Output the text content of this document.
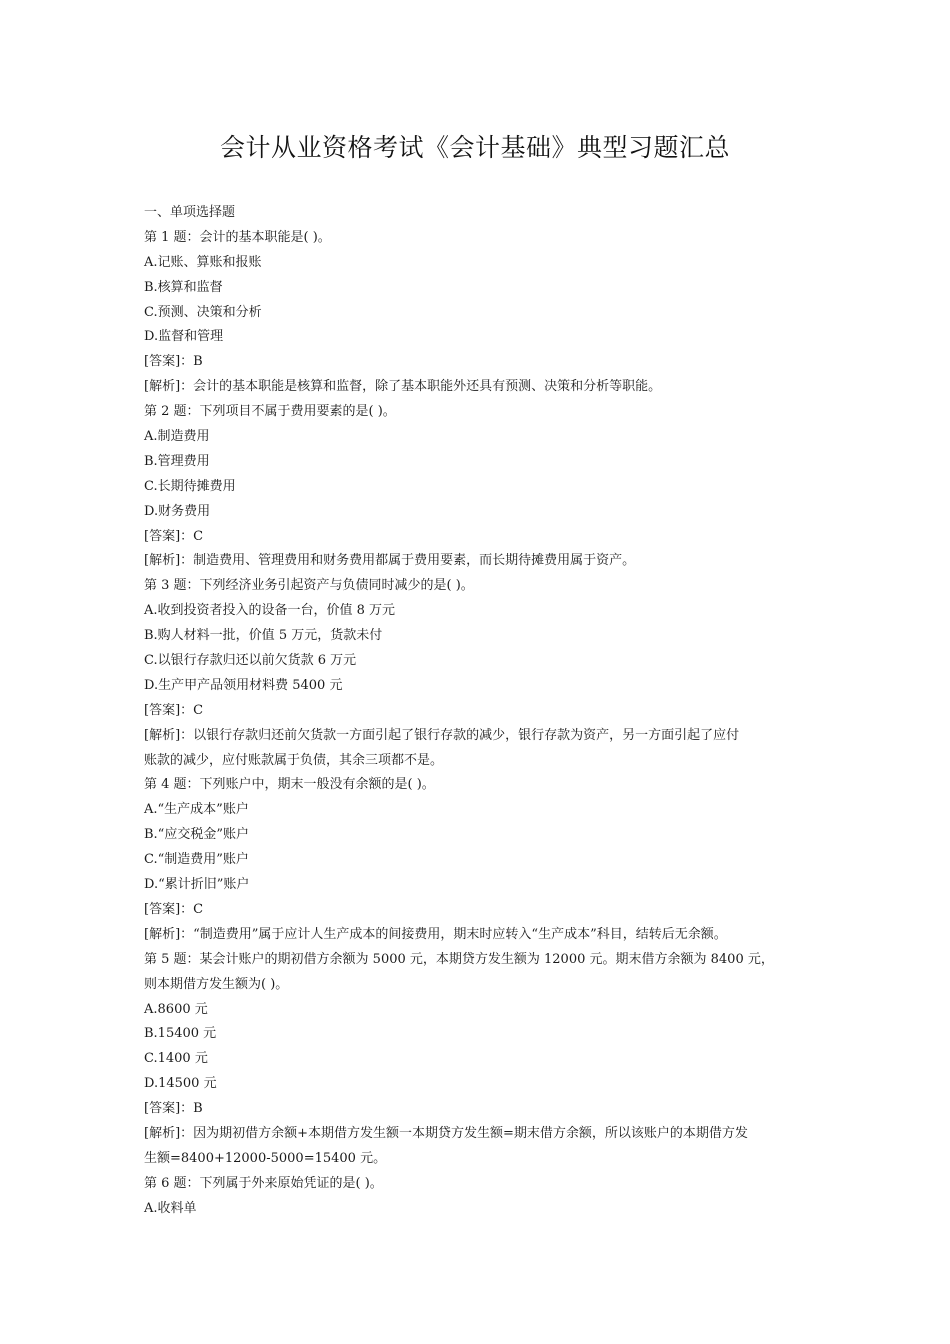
会计从业资格考试《会计基础》典型习题汇总
一、单项选择题
第 1 题：会计的基本职能是( )。
A.记账、算账和报账
B.核算和监督
C.预测、决策和分析
D.监督和管理
[答案]：B
[解析]：会计的基本职能是核算和监督，除了基本职能外还具有预测、决策和分析等职能。
第 2 题：下列项目不属于费用要素的是( )。
A.制造费用
B.管理费用
C.长期待摊费用
D.财务费用
[答案]：C
[解析]：制造费用、管理费用和财务费用都属于费用要素，而长期待摊费用属于资产。
第 3 题：下列经济业务引起资产与负债同时减少的是( )。
A.收到投资者投入的设备一台，价值 8 万元
B.购人材料一批，价值 5 万元，货款未付
C.以银行存款归还以前欠货款 6 万元
D.生产甲产品领用材料费 5400 元
[答案]：C
[解析]：以银行存款归还前欠货款一方面引起了银行存款的减少，银行存款为资产，另一方面引起了应付
账款的减少，应付账款属于负债，其余三项都不是。
第 4 题：下列账户中，期末一般没有余额的是( )。
A.“生产成本”账户
B.“应交税金”账户
C.“制造费用”账户
D.“累计折旧”账户
[答案]：C
[解析]：“制造费用”属于应计人生产成本的间接费用，期末时应转入“生产成本”科目，结转后无余额。
第 5 题：某会计账户的期初借方余额为 5000 元，本期贷方发生额为 12000 元。期末借方余额为 8400 元，
则本期借方发生额为( )。
A.8600 元
B.15400 元
C.1400 元
D.14500 元
[答案]：B
[解析]：因为期初借方余额+本期借方发生额一本期贷方发生额=期末借方余额，所以该账户的本期借方发
生额=8400+12000-5000=15400 元。
第 6 题：下列属于外来原始凭证的是( )。
A.收料单
